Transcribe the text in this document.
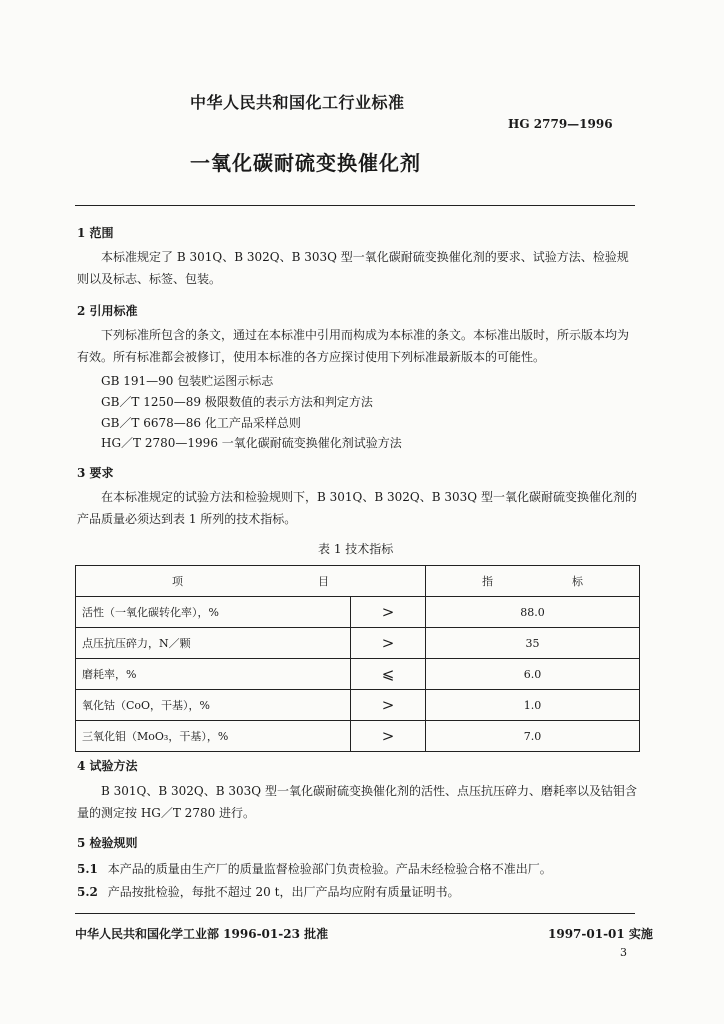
中华人民共和国化工行业标准
HG 2779—1996
一氧化碳耐硫变换催化剂
1 范围
本标准规定了 B 301Q、B 302Q、B 303Q 型一氧化碳耐硫变换催化剂的要求、试验方法、检验规则以及标志、标签、包装。
2 引用标准
下列标准所包含的条文，通过在本标准中引用而构成为本标准的条文。本标准出版时，所示版本均为有效。所有标准都会被修订，使用本标准的各方应探讨使用下列标准最新版本的可能性。
GB 191—90 包装贮运图示标志
GB／T 1250—89 极限数值的表示方法和判定方法
GB／T 6678—86 化工产品采样总则
HG／T 2780—1996 一氧化碳耐硫变换催化剂试验方法
3 要求
在本标准规定的试验方法和检验规则下，B 301Q、B 302Q、B 303Q 型一氧化碳耐硫变换催化剂的产品质量必须达到表 1 所列的技术指标。
表 1 技术指标
项 目		指 标

活性（一氧化碳转化率），%	>	88.0
点压抗压碎力，N／颗	>	35
磨耗率，%	⩽	6.0
氧化钴（CoO，干基），%	>	1.0
三氧化钼（MoO₃，干基），%	>	7.0
4 试验方法
B 301Q、B 302Q、B 303Q 型一氧化碳耐硫变换催化剂的活性、点压抗压碎力、磨耗率以及钴钼含量的测定按 HG／T 2780 进行。
5 检验规则
5.1 本产品的质量由生产厂的质量监督检验部门负责检验。产品未经检验合格不准出厂。
5.2 产品按批检验，每批不超过 20 t，出厂产品均应附有质量证明书。
中华人民共和国化学工业部 1996-01-23 批准	1997-01-01 实施
3
